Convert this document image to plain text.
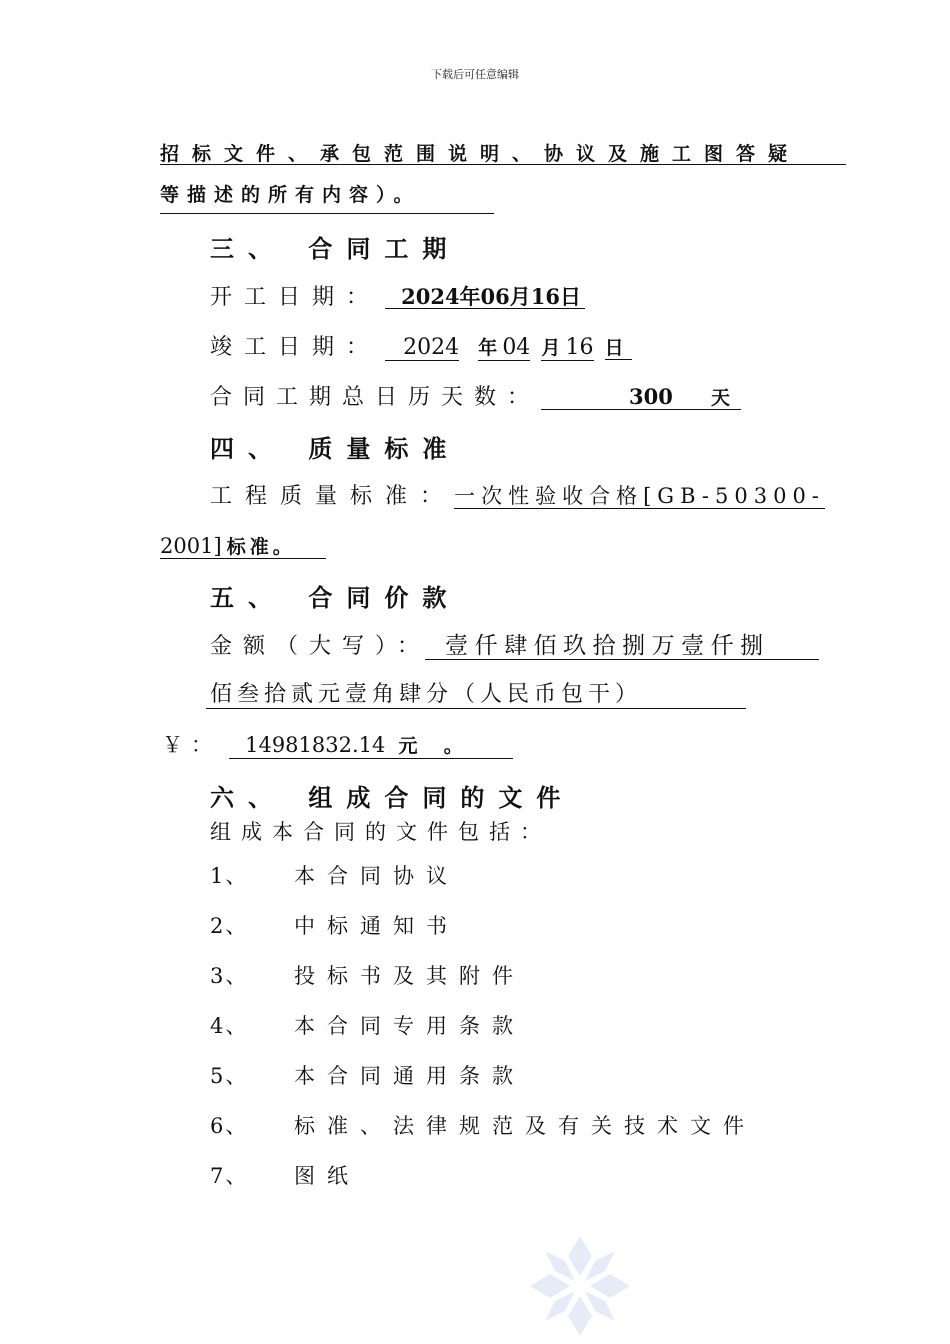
下载后可任意编辑
招标文件、承包范围说明、协议及施工图答疑
等描述的所有内容）。
三、 合同工期
开工日期： 2024年06月16日
竣工日期： 2024 年 04 月 16 日
合同工期总日历天数：	300 天
四、 质量标准
工程质量标准： 一次性验收合格[GB-50300-
2001] 标准。
五、 合同价款
金额（大写）： 壹仟肆佰玖拾捌万壹仟捌
佰叁拾贰元壹角肆分（人民币包干）
￥： 14981832.14 元 。
六、 组成合同的文件
组成本合同的文件包括：
1、 本合同协议
2、 中标通知书
3、 投标书及其附件
4、 本合同专用条款
5、 本合同通用条款
6、 标准、法律规范及有关技术文件
7、 图纸
